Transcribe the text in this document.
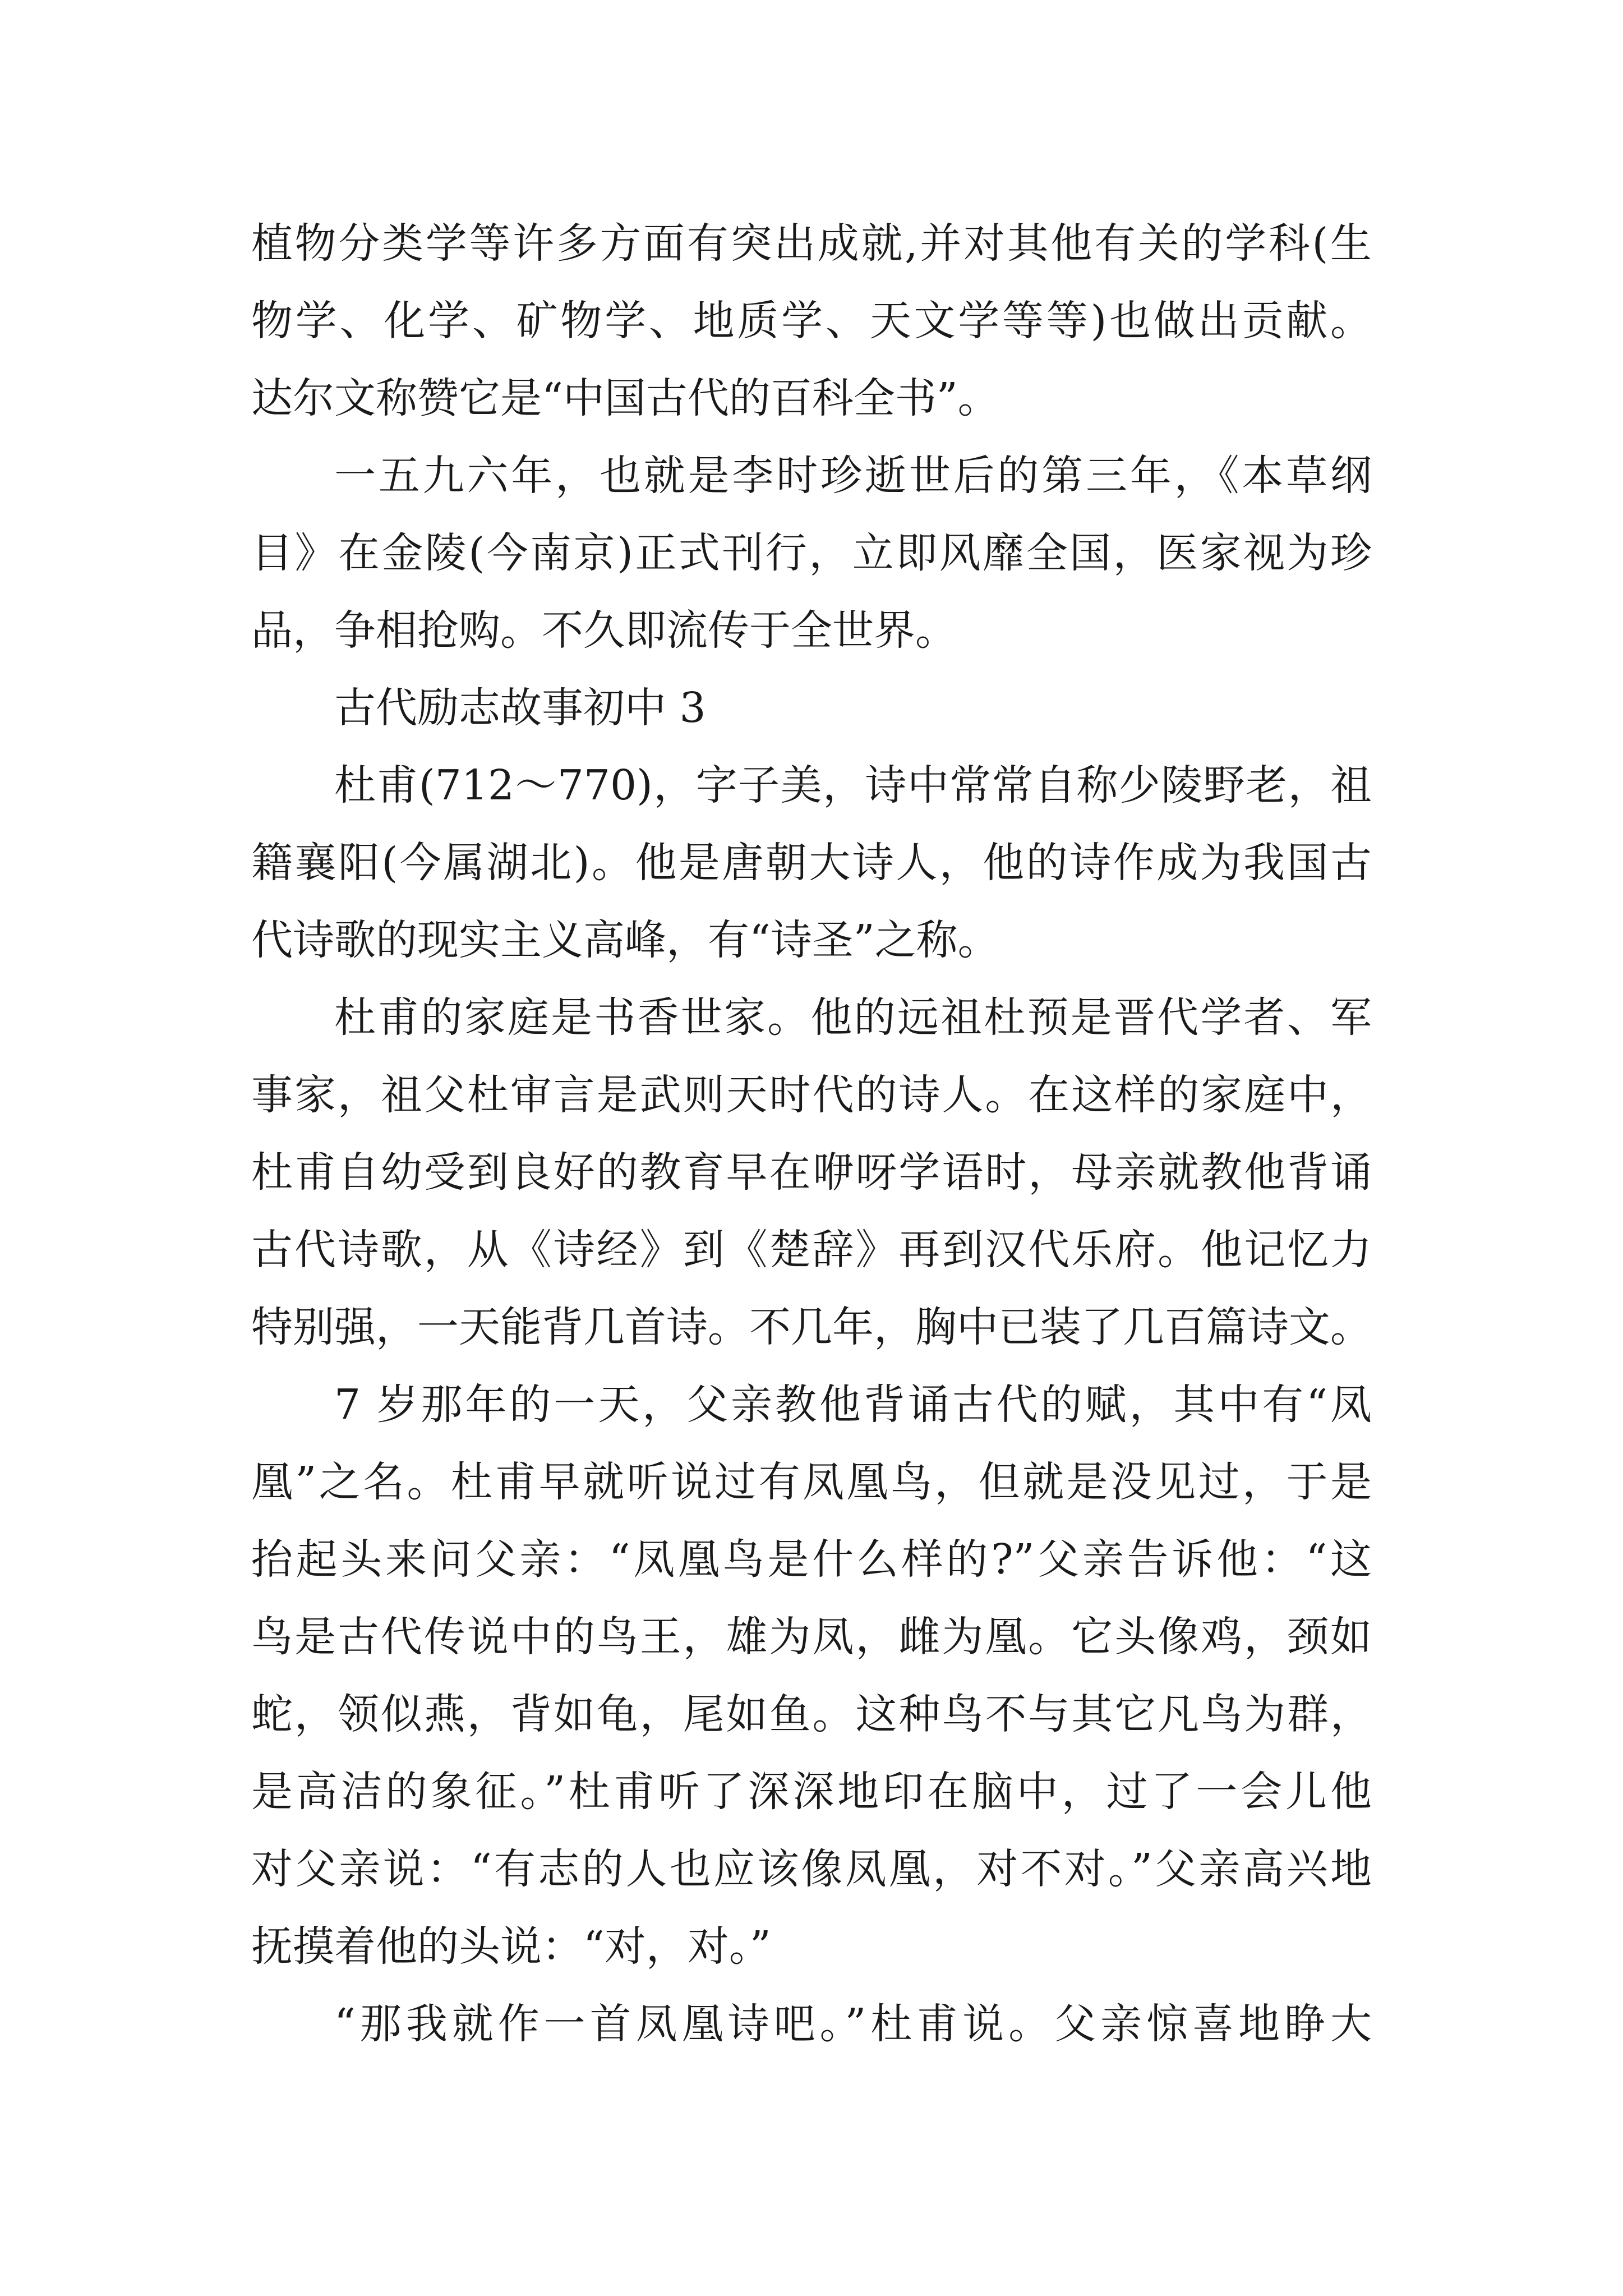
植物分类学等许多方面有突出成就,并对其他有关的学科(生
物学、化学、矿物学、地质学、天文学等等)也做出贡献。
达尔文称赞它是“中国古代的百科全书”。
一五九六年，也就是李时珍逝世后的第三年，《本草纲
目》在金陵(今南京)正式刊行，立即风靡全国，医家视为珍
品，争相抢购。不久即流传于全世界。
古代励志故事初中 3
杜甫(712～770)，字子美，诗中常常自称少陵野老，祖
籍襄阳(今属湖北)。他是唐朝大诗人，他的诗作成为我国古
代诗歌的现实主义高峰，有“诗圣”之称。
杜甫的家庭是书香世家。他的远祖杜预是晋代学者、军
事家，祖父杜审言是武则天时代的诗人。在这样的家庭中，
杜甫自幼受到良好的教育早在咿呀学语时，母亲就教他背诵
古代诗歌，从《诗经》到《楚辞》再到汉代乐府。他记忆力
特别强，一天能背几首诗。不几年，胸中已装了几百篇诗文。
7 岁那年的一天，父亲教他背诵古代的赋，其中有“凤
凰”之名。杜甫早就听说过有凤凰鸟，但就是没见过，于是
抬起头来问父亲：“凤凰鸟是什么样的?”父亲告诉他：“这
鸟是古代传说中的鸟王，雄为凤，雌为凰。它头像鸡，颈如
蛇，领似燕，背如龟，尾如鱼。这种鸟不与其它凡鸟为群，
是高洁的象征。”杜甫听了深深地印在脑中，过了一会儿他
对父亲说：“有志的人也应该像凤凰，对不对。”父亲高兴地
抚摸着他的头说：“对，对。”
“那我就作一首凤凰诗吧。”杜甫说。父亲惊喜地睁大
